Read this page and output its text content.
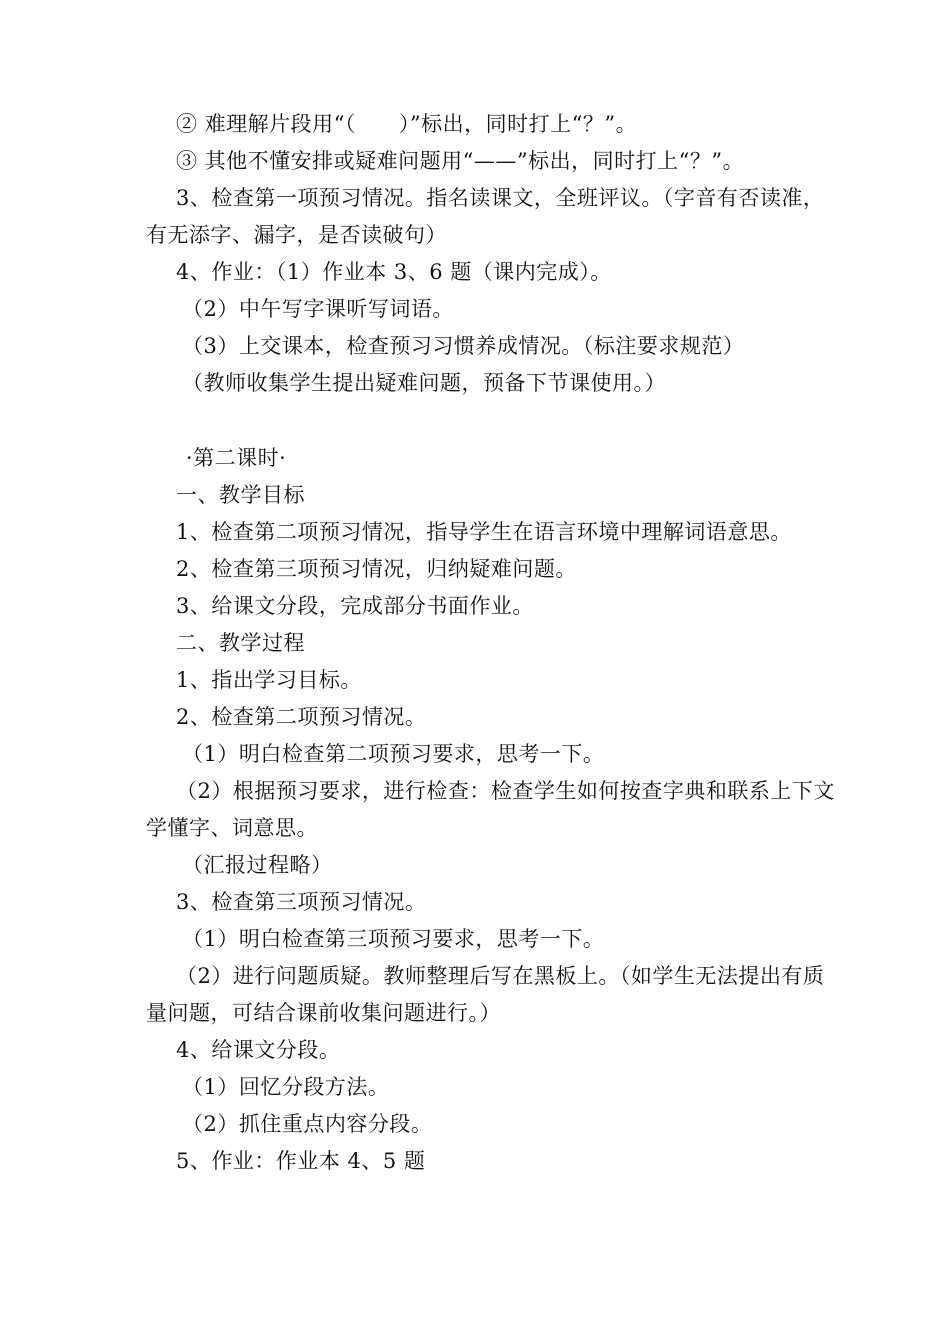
② 难理解片段用“（　　）”标出，同时打上“？”。
③ 其他不懂安排或疑难问题用“——”标出，同时打上“？”。
3、检查第一项预习情况。指名读课文，全班评议。（字音有否读准，
有无添字、漏字，是否读破句）
4、作业：（1）作业本 3、6 题（课内完成）。
（2）中午写字课听写词语。
（3）上交课本，检查预习习惯养成情况。（标注要求规范）
（教师收集学生提出疑难问题，预备下节课使用。）
·第二课时·
一、教学目标
1、检查第二项预习情况，指导学生在语言环境中理解词语意思。
2、检查第三项预习情况，归纳疑难问题。
3、给课文分段，完成部分书面作业。
二、教学过程
1、指出学习目标。
2、检查第二项预习情况。
（1）明白检查第二项预习要求，思考一下。
（2）根据预习要求，进行检查：检查学生如何按查字典和联系上下文
学懂字、词意思。
（汇报过程略）
3、检查第三项预习情况。
（1）明白检查第三项预习要求，思考一下。
（2）进行问题质疑。教师整理后写在黑板上。（如学生无法提出有质
量问题，可结合课前收集问题进行。）
4、给课文分段。
（1）回忆分段方法。
（2）抓住重点内容分段。
5、作业：作业本 4、5 题
